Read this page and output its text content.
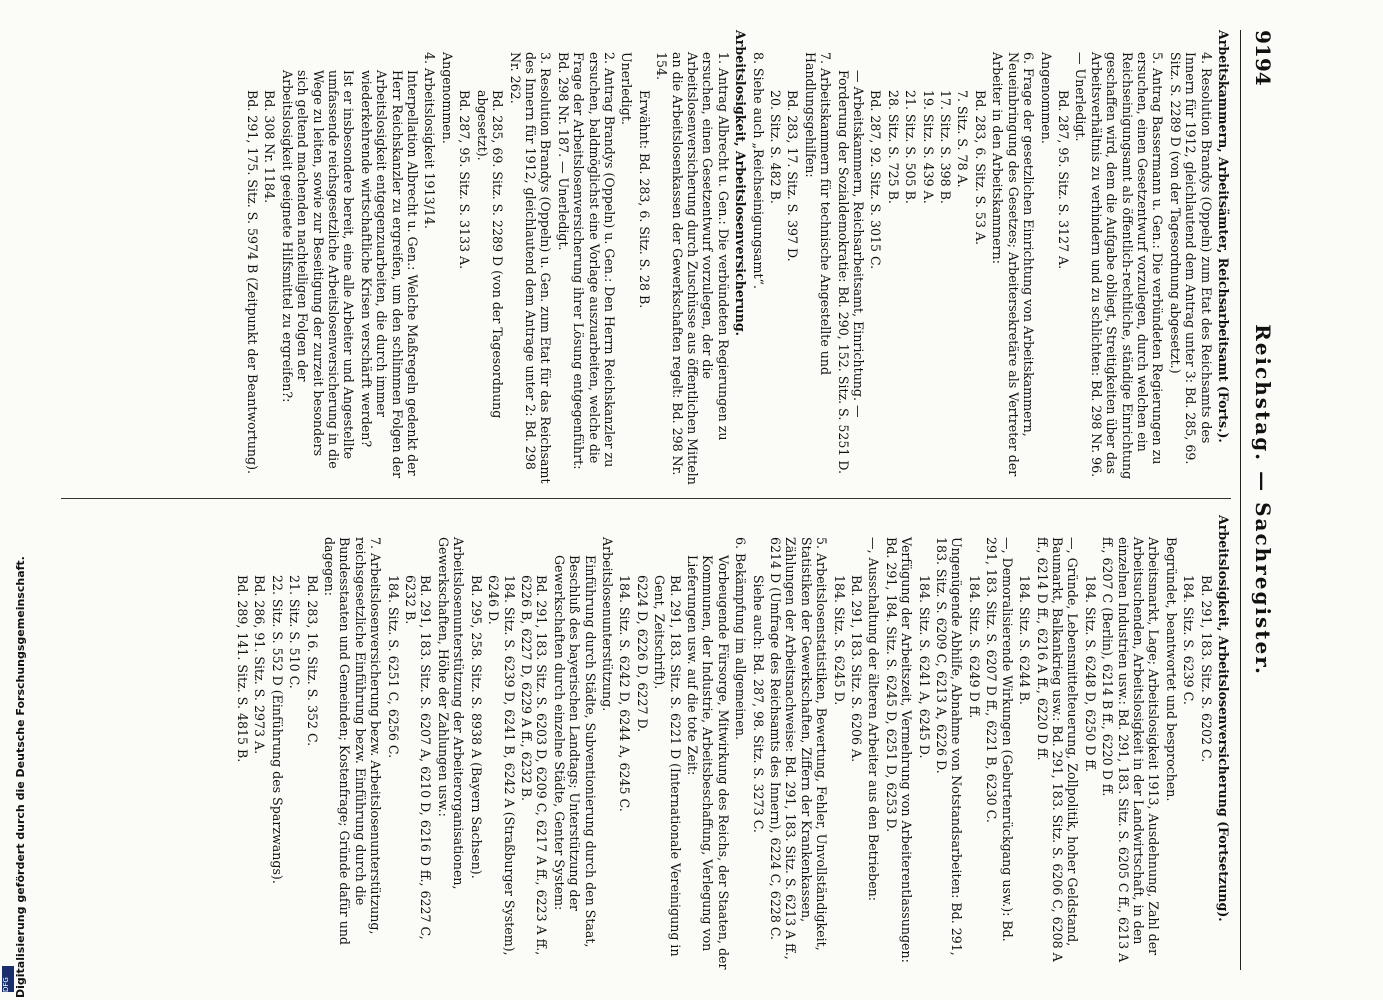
DFG Digitalisierung gefördert durch die Deutsche Forschungsgemeinschaft.
9194
Reichstag. — Sachregister.
Arbeitskammern, Arbeitsämter, Reichsarbeitsamt (Forts.).
4. Resolution Brandys (Oppeln) zum Etat des Reichsamts des Innern für 1912, gleichlautend dem Antrag unter 3: Bd. 285, 69. Sitz. S. 2289 D (von der Tagesordnung abgesetzt.)
5. Antrag Bassermann u. Gen.: Die verbündeten Regierungen zu ersuchen, einen Gesetzentwurf vorzulegen, durch welchen ein Reichseinigungsamt als öffentlich-rechtliche, ständige Einrichtung geschaffen wird, dem die Aufgabe obliegt, Streitigkeiten über das Arbeitsverhältnis zu verhindern und zu schlichten: Bd. 298 Nr. 96. — Unerledigt.
Bd. 287, 95. Sitz. S. 3127 A.
Angenommen.
6. Frage der gesetzlichen Einrichtung von Arbeitskammern, Neueinbringung des Gesetzes; Arbeitersekretäre als Vertreter der Arbeiter in den Arbeitskammern:
Bd. 283, 6. Sitz. S. 53 A.
7. Sitz. S. 78 A.
17. Sitz. S. 398 B.
19. Sitz. S. 439 A.
21. Sitz. S. 505 B.
28. Sitz. S. 725 B.
Bd. 287, 92. Sitz. S. 3015 C.
— Arbeitskammern, Reichsarbeitsamt, Einrichtung. — Forderung der Sozialdemokratie: Bd. 290, 152. Sitz. S. 5251 D.
7. Arbeitskammern für technische Angestellte und Handlungsgehilfen:
Bd. 283, 17. Sitz. S. 397 D.
20. Sitz. S. 482 B.
8. Siehe auch „Reichseinigungsamt“.
Arbeitslosigkeit, Arbeitslosenversicherung.
1. Antrag Albrecht u. Gen.: Die verbündeten Regierungen zu ersuchen, einen Gesetzentwurf vorzulegen, der die Arbeitslosenversicherung durch Zuschüsse aus öffentlichen Mitteln an die Arbeitslosenkassen der Gewerkschaften regelt: Bd. 298 Nr. 154.
Erwähnt: Bd. 283, 6. Sitz. S. 28 B.
Unerledigt.
2. Antrag Brandys (Oppeln) u. Gen.: Den Herrn Reichskanzler zu ersuchen, baldmöglichst eine Vorlage auszuarbeiten, welche die Frage der Arbeitslosenversicherung ihrer Lösung entgegenführt: Bd. 298 Nr. 187. — Unerledigt.
3. Resolution Brandys (Oppeln) u. Gen. zum Etat für das Reichsamt des Innern für 1912, gleichlautend dem Antrage unter 2: Bd. 298 Nr. 262.
Bd. 285, 69. Sitz. S. 2289 D (von der Tagesordnung abgesetzt).
Bd. 287, 95. Sitz. S. 3133 A.
Angenommen.
4. Arbeitslosigkeit 1913/14.
Interpellation Albrecht u. Gen.: Welche Maßregeln gedenkt der Herr Reichskanzler zu ergreifen, um den schlimmen Folgen der Arbeitslosigkeit entgegenzuarbeiten, die durch immer wiederkehrende wirtschaftliche Krisen verschärft werden?
Ist er insbesondere bereit, eine alle Arbeiter und Angestellte umfassende reichsgesetzliche Arbeitslosenversicherung in die Wege zu leiten, sowie zur Beseitigung der zurzeit besonders sich geltend machenden nachteiligen Folgen der Arbeitslosigkeit geeignete Hilfsmittel zu ergreifen?:
Bd. 308 Nr. 1184.
Bd. 291, 175. Sitz. S. 5974 B (Zeitpunkt der Beantwortung).
Arbeitslosigkeit, Arbeitslosenversicherung (Fortsetzung).
Bd. 291, 183. Sitz. S. 6202 C.
184. Sitz. S. 6239 C.
Begründet, beantwortet und besprochen.
Arbeitsmarkt, Lage; Arbeitslosigkeit 1913, Ausdehnung, Zahl der Arbeitsuchenden, Arbeitslosigkeit in der Landwirtschaft, in den einzelnen Industrien usw.: Bd. 291, 183. Sitz. S. 6205 C ff., 6213 A ff., 6207 C (Berlin), 6214 B ff., 6220 D ff.
184. Sitz. S. 6248 D, 6250 D ff.
—, Gründe, Lebensmittelteuerung, Zollpolitik, hoher Geldstand, Baumarkt, Balkankrieg usw.: Bd. 291, 183. Sitz. S. 6206 C, 6208 A ff., 6214 D ff., 6216 A ff., 6220 D ff.
184. Sitz. S. 6244 B.
—, Demoralisierende Wirkungen (Geburtenrückgang usw.): Bd. 291, 183. Sitz. S. 6207 D ff., 6221 B, 6230 C.
184. Sitz. S. 6249 D ff.
Ungenügende Abhilfe, Abnahme von Notstandsarbeiten: Bd. 291, 183. Sitz. S. 6209 C, 6213 A, 6226 D.
184. Sitz. S. 6241 A, 6245 D.
Verfügung der Arbeitszeit, Vermehrung von Arbeiterentlassungen: Bd. 291, 184. Sitz. S. 6245 D, 6251 D, 6253 D.
—, Ausschaltung der älteren Arbeiter aus den Betrieben:
Bd. 291, 183. Sitz. S. 6206 A.
184. Sitz. S. 6245 D.
5. Arbeitslosenstatistiken, Bewertung, Fehler, Unvollständigkeit, Statistiken der Gewerkschaften, Ziffern der Krankenkassen, Zählungen der Arbeitsnachweise: Bd. 291, 183. Sitz. S. 6213 A ff., 6214 D (Umfrage des Reichsamts des Innern), 6224 C, 6228 C.
Siehe auch: Bd. 287, 98. Sitz. S. 3273 C.
6. Bekämpfung im allgemeinen.
Vorbeugende Fürsorge, Mitwirkung des Reichs, der Staaten, der Kommunen, der Industrie, Arbeitsbeschaffung, Verlegung von Lieferungen usw. auf die tote Zeit:
Bd. 291, 183. Sitz. S. 6221 D (Internationale Vereinigung in Gent, Zeitschrift).
6224 D, 6226 D, 6227 D.
184. Sitz. S. 6242 D, 6244 A, 6245 C.
Arbeitslosenunterstützung.
Einführung durch Städte, Subventionierung durch den Staat, Beschluß des bayerischen Landtags; Unterstützung der Gewerkschaften durch einzelne Städte, Genter System:
Bd. 291, 183. Sitz. S. 6203 D, 6209 C, 6217 A ff., 6223 A ff., 6226 B, 6227 D, 6229 A ff., 6232 B.
184. Sitz. S. 6239 D, 6241 B, 6242 A (Straßburger System), 6246 D.
Bd. 295, 258. Sitz. S. 8938 A (Bayern Sachsen).
Arbeitslosenunterstützung der Arbeiterorganisationen, Gewerkschaften, Höhe der Zahlungen usw.:
Bd. 291, 183. Sitz. S. 6207 A, 6210 D, 6216 D ff., 6227 C, 6232 B.
184. Sitz. S. 6251 C, 6256 C.
7. Arbeitslosenversicherung bezw. Arbeitslosenunterstützung, reichsgesetzliche Einführung bezw. Einführung durch die Bundesstaaten und Gemeinden; Kostenfrage; Gründe dafür und dagegen:
Bd. 283, 16. Sitz. S. 352 C.
21. Sitz. S. 510 C.
22. Sitz. S. 552 D (Einführung des Sparzwangs).
Bd. 286, 91. Sitz. S. 2973 A.
Bd. 289, 141. Sitz. S. 4815 B.
